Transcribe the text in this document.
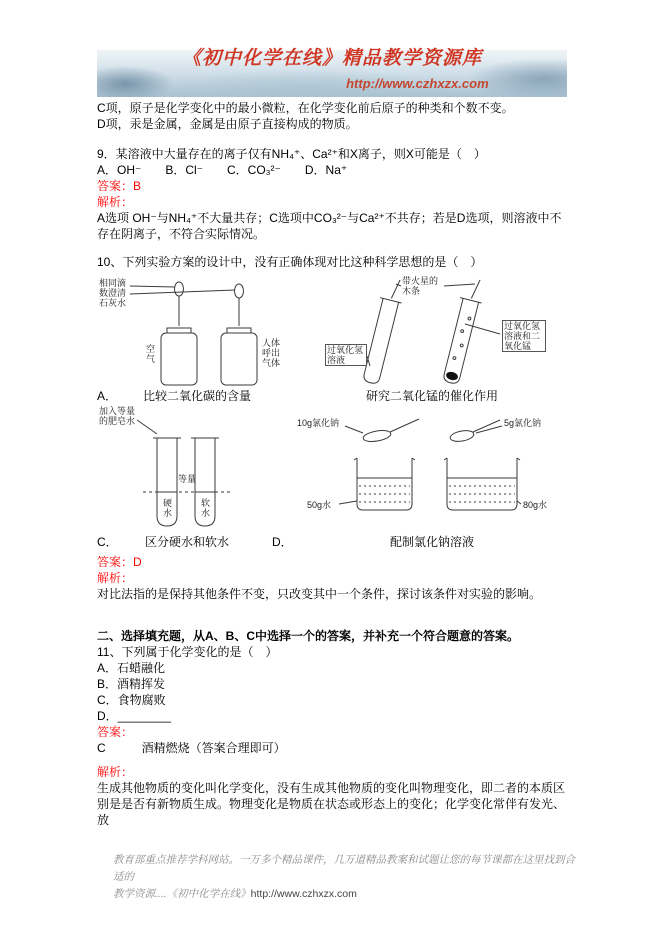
《初中化学在线》精品教学资源库
http://www.czhxzx.com

C项，原子是化学变化中的最小微粒，在化学变化前后原子的种类和个数不变。

D项，汞是金属，金属是由原子直接构成的物质。

9．某溶液中大量存在的离子仅有NH₄⁺、Ca²⁺和X离子，则X可能是（　）

A．OH⁻　　B．Cl⁻　　C．CO₃²⁻　　D．Na⁺

答案：B

解析：

A选项 OH⁻与NH₄⁺不大量共存；C选项中CO₃²⁻与Ca²⁺不共存；若是D选项，则溶液中不存在阴离子，不符合实际情况。

10、下列实验方案的设计中，没有正确体现对比这种科学思想的是（　）

相同滴数澄清石灰水
空气
人体呼出气体
A． 比较二氧化碳的含量
带火星的木条
过氧化氢溶液
过氧化氢溶液和二氧化锰
研究二氧化锰的催化作用
加入等量的肥皂水
等量
硬水	软水
C． 区分硬水和软水
10g氯化钠	5g氯化钠
50g水	80g水
D．	配制氯化钠溶液

答案：D

解析：

对比法指的是保持其他条件不变，只改变其中一个条件，探讨该条件对实验的影响。

二、选择填充题，从A、B、C中选择一个的答案，并补充一个符合题意的答案。

11、下列属于化学变化的是（　）

A．石蜡融化

B．酒精挥发

C．食物腐败

D．________

答案：

C　　　酒精燃烧（答案合理即可）

解析：

生成其他物质的变化叫化学变化，没有生成其他物质的变化叫物理变化，即二者的本质区别是是否有新物质生成。物理变化是物质在状态或形态上的变化；化学变化常伴有发光、放

教育部重点推荐学科网站。一万多个精品课件，几万道精品教案和试题让您的每节课都在这里找到合适的
教学资源....《初中化学在线》http://www.czhxzx.com
